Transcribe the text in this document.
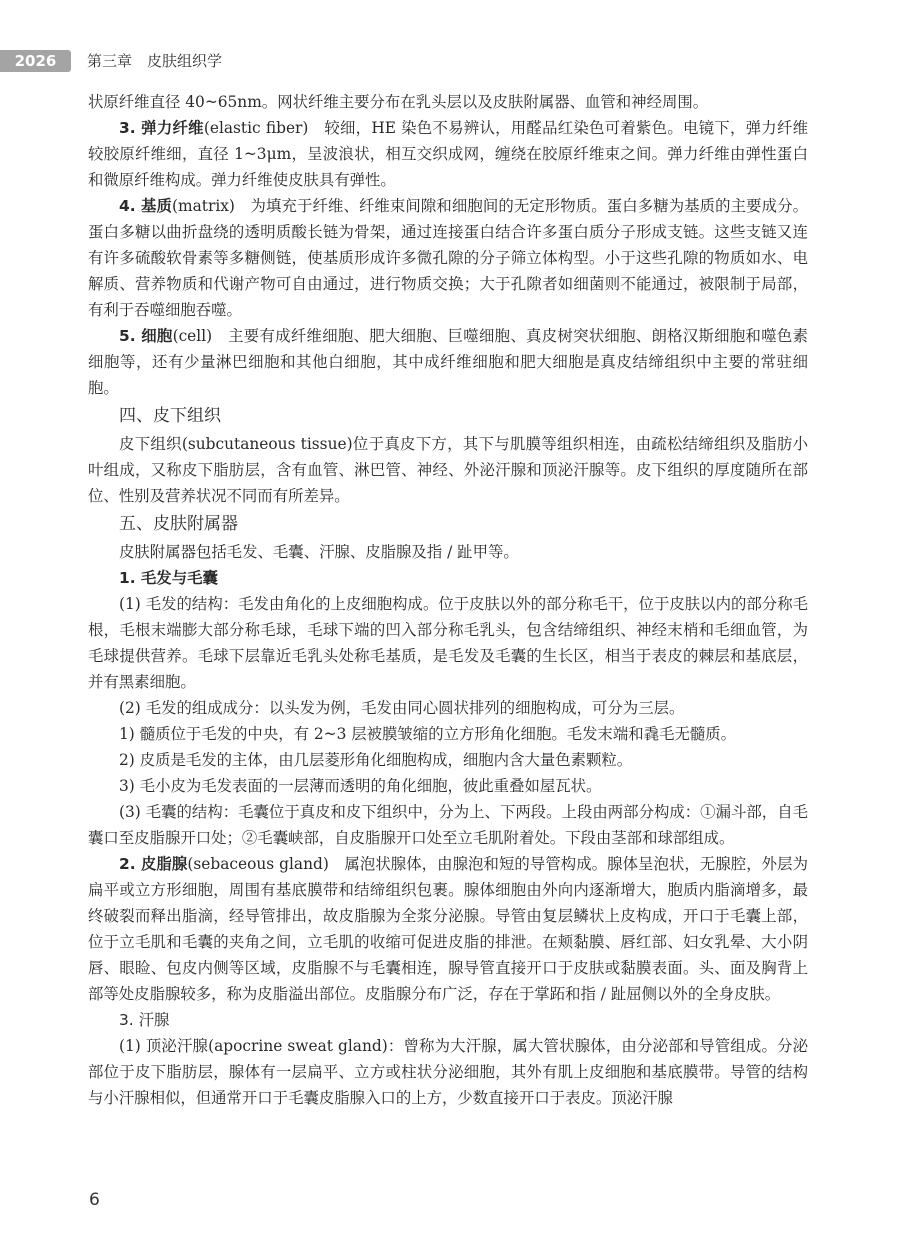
2026	第三章　皮肤组织学

状原纤维直径 40~65nm。网状纤维主要分布在乳头层以及皮肤附属器、血管和神经周围。

3. 弹力纤维(elastic fiber)　 较细，HE 染色不易辨认，用醛品红染色可着紫色。电镜下，弹力纤维较胶原纤维细，直径 1~3μm，呈波浪状，相互交织成网，缠绕在胶原纤维束之间。弹力纤维由弹性蛋白和微原纤维构成。弹力纤维使皮肤具有弹性。

4. 基质(matrix)　 为填充于纤维、纤维束间隙和细胞间的无定形物质。蛋白多糖为基质的主要成分。蛋白多糖以曲折盘绕的透明质酸长链为骨架，通过连接蛋白结合许多蛋白质分子形成支链。这些支链又连有许多硫酸软骨素等多糖侧链，使基质形成许多微孔隙的分子筛立体构型。小于这些孔隙的物质如水、电解质、营养物质和代谢产物可自由通过，进行物质交换；大于孔隙者如细菌则不能通过，被限制于局部，有利于吞噬细胞吞噬。

5. 细胞(cell)　 主要有成纤维细胞、肥大细胞、巨噬细胞、真皮树突状细胞、朗格汉斯细胞和噬色素细胞等，还有少量淋巴细胞和其他白细胞，其中成纤维细胞和肥大细胞是真皮结缔组织中主要的常驻细胞。

四、皮下组织

皮下组织(subcutaneous tissue)位于真皮下方，其下与肌膜等组织相连，由疏松结缔组织及脂肪小叶组成，又称皮下脂肪层，含有血管、淋巴管、神经、外泌汗腺和顶泌汗腺等。皮下组织的厚度随所在部位、性别及营养状况不同而有所差异。

五、皮肤附属器

皮肤附属器包括毛发、毛囊、汗腺、皮脂腺及指 / 趾甲等。

1. 毛发与毛囊

(1) 毛发的结构：毛发由角化的上皮细胞构成。位于皮肤以外的部分称毛干，位于皮肤以内的部分称毛根，毛根末端膨大部分称毛球，毛球下端的凹入部分称毛乳头，包含结缔组织、神经末梢和毛细血管，为毛球提供营养。毛球下层靠近毛乳头处称毛基质，是毛发及毛囊的生长区，相当于表皮的棘层和基底层，并有黑素细胞。

(2) 毛发的组成成分：以头发为例，毛发由同心圆状排列的细胞构成，可分为三层。

1) 髓质位于毛发的中央，有 2~3 层被膜皱缩的立方形角化细胞。毛发末端和毳毛无髓质。

2) 皮质是毛发的主体，由几层菱形角化细胞构成，细胞内含大量色素颗粒。

3) 毛小皮为毛发表面的一层薄而透明的角化细胞，彼此重叠如屋瓦状。

(3) 毛囊的结构：毛囊位于真皮和皮下组织中，分为上、下两段。上段由两部分构成：①漏斗部，自毛囊口至皮脂腺开口处；②毛囊峡部，自皮脂腺开口处至立毛肌附着处。下段由茎部和球部组成。

2. 皮脂腺(sebaceous gland)　 属泡状腺体，由腺泡和短的导管构成。腺体呈泡状，无腺腔，外层为扁平或立方形细胞，周围有基底膜带和结缔组织包裹。腺体细胞由外向内逐渐增大，胞质内脂滴增多，最终破裂而释出脂滴，经导管排出，故皮脂腺为全浆分泌腺。导管由复层鳞状上皮构成，开口于毛囊上部，位于立毛肌和毛囊的夹角之间，立毛肌的收缩可促进皮脂的排泄。在颊黏膜、唇红部、妇女乳晕、大小阴唇、眼睑、包皮内侧等区域，皮脂腺不与毛囊相连，腺导管直接开口于皮肤或黏膜表面。头、面及胸背上部等处皮脂腺较多，称为皮脂溢出部位。皮脂腺分布广泛，存在于掌跖和指 / 趾屈侧以外的全身皮肤。

3. 汗腺

(1) 顶泌汗腺(apocrine sweat gland)：曾称为大汗腺，属大管状腺体，由分泌部和导管组成。分泌部位于皮下脂肪层，腺体有一层扁平、立方或柱状分泌细胞，其外有肌上皮细胞和基底膜带。导管的结构与小汗腺相似，但通常开口于毛囊皮脂腺入口的上方，少数直接开口于表皮。顶泌汗腺

6
